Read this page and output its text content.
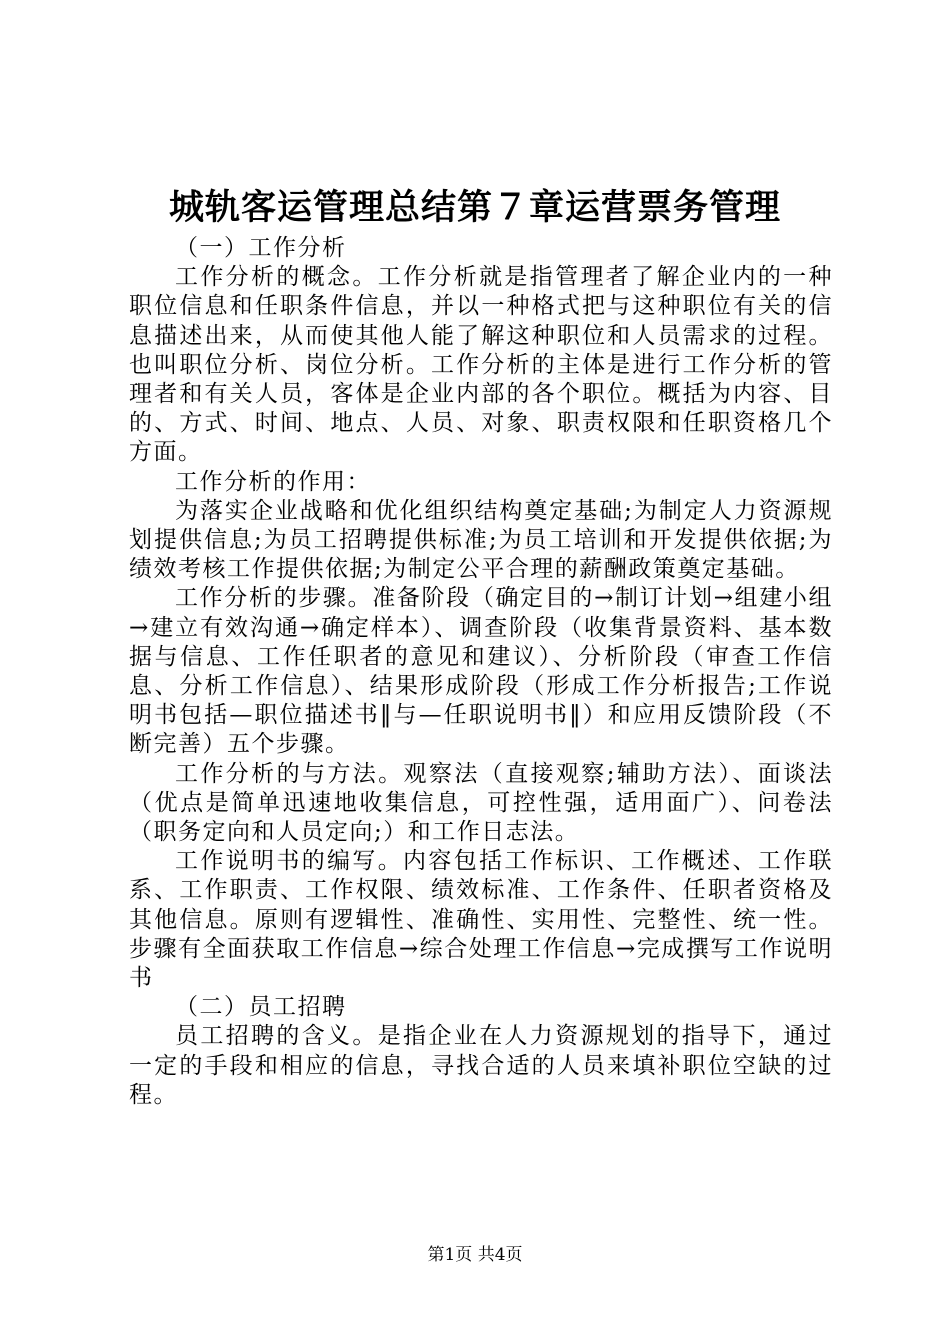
城轨客运管理总结第７章运营票务管理

（一）工作分析

工作分析的概念。工作分析就是指管理者了解企业内的一种职位信息和任职条件信息，并以一种格式把与这种职位有关的信息描述出来，从而使其他人能了解这种职位和人员需求的过程。也叫职位分析、岗位分析。工作分析的主体是进行工作分析的管理者和有关人员，客体是企业内部的各个职位。概括为内容、目的、方式、时间、地点、人员、对象、职责权限和任职资格几个方面。

工作分析的作用：

为落实企业战略和优化组织结构奠定基础;为制定人力资源规划提供信息;为员工招聘提供标准;为员工培训和开发提供依据;为绩效考核工作提供依据;为制定公平合理的薪酬政策奠定基础。

工作分析的步骤。准备阶段（确定目的→制订计划→组建小组→建立有效沟通→确定样本）、调查阶段（收集背景资料、基本数据与信息、工作任职者的意见和建议）、分析阶段（审查工作信息、分析工作信息）、结果形成阶段（形成工作分析报告;工作说明书包括—职位描述书‖与—任职说明书‖）和应用反馈阶段（不断完善）五个步骤。

工作分析的与方法。观察法（直接观察;辅助方法）、面谈法（优点是简单迅速地收集信息，可控性强，适用面广）、问卷法（职务定向和人员定向;）和工作日志法。

工作说明书的编写。内容包括工作标识、工作概述、工作联系、工作职责、工作权限、绩效标准、工作条件、任职者资格及其他信息。原则有逻辑性、准确性、实用性、完整性、统一性。步骤有全面获取工作信息→综合处理工作信息→完成撰写工作说明书

（二）员工招聘

员工招聘的含义。是指企业在人力资源规划的指导下，通过一定的手段和相应的信息，寻找合适的人员来填补职位空缺的过程。

第1页 共4页
